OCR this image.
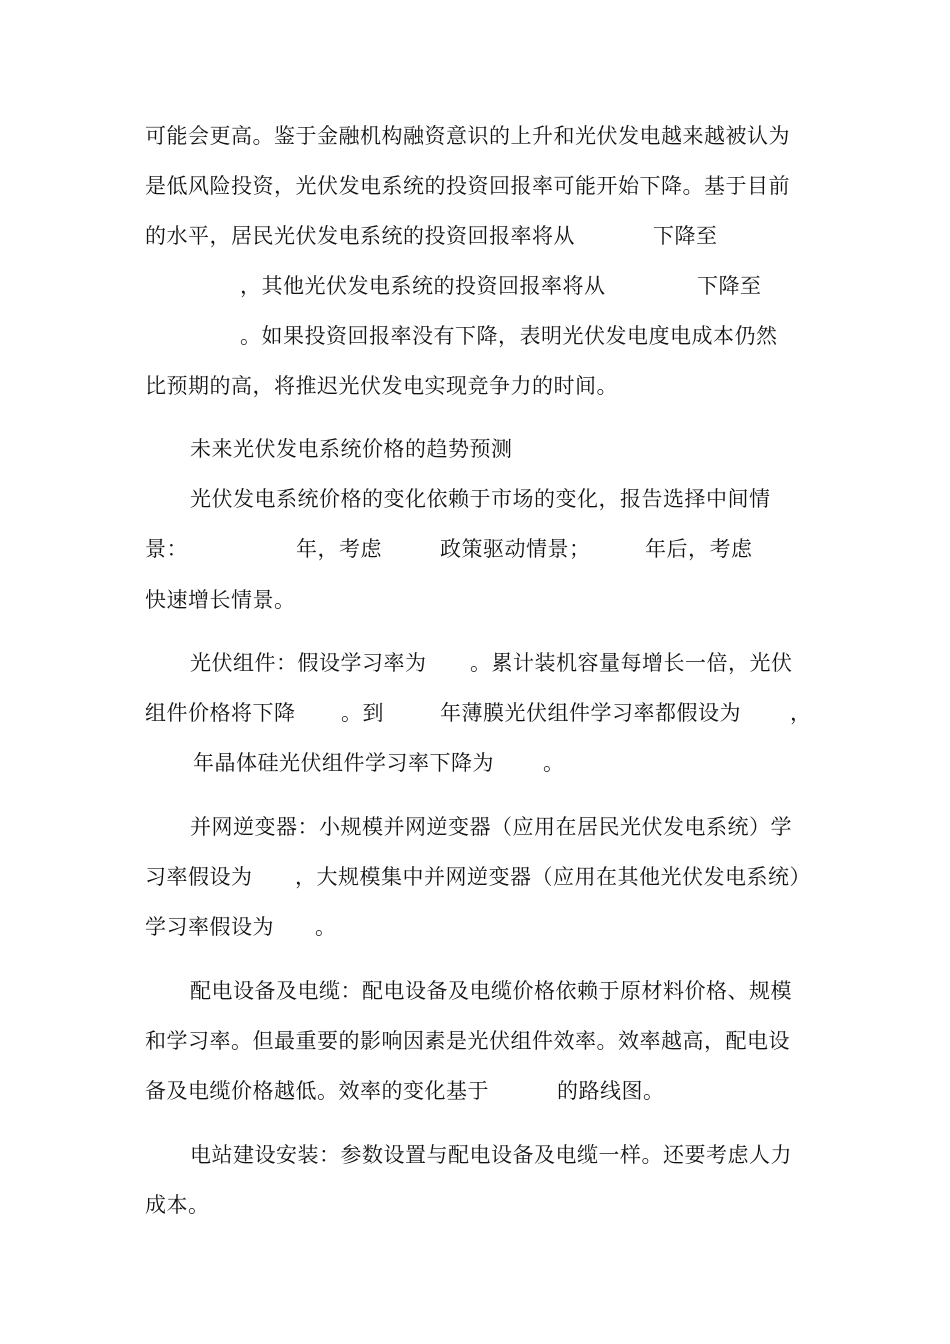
可能会更高。鉴于金融机构融资意识的上升和光伏发电越来越被认为
是低风险投资，光伏发电系统的投资回报率可能开始下降。基于目前
的水平，居民光伏发电系统的投资回报率将从	下降至
，其他光伏发电系统的投资回报率将从	下降至
。如果投资回报率没有下降，表明光伏发电度电成本仍然
比预期的高，将推迟光伏发电实现竞争力的时间。
未来光伏发电系统价格的趋势预测
光伏发电系统价格的变化依赖于市场的变化，报告选择中间情
景：	年，考虑	政策驱动情景；	年后，考虑
快速增长情景。
光伏组件：假设学习率为 。累计装机容量每增长一倍，光伏
组件价格将下降 。到	年薄膜光伏组件学习率都假设为 ，
年晶体硅光伏组件学习率下降为 。
并网逆变器：小规模并网逆变器（应用在居民光伏发电系统）学
习率假设为 ，大规模集中并网逆变器（应用在其他光伏发电系统）
学习率假设为 。
配电设备及电缆：配电设备及电缆价格依赖于原材料价格、规模
和学习率。但最重要的影响因素是光伏组件效率。效率越高，配电设
备及电缆价格越低。效率的变化基于	的路线图。
电站建设安装：参数设置与配电设备及电缆一样。还要考虑人力
成本。
